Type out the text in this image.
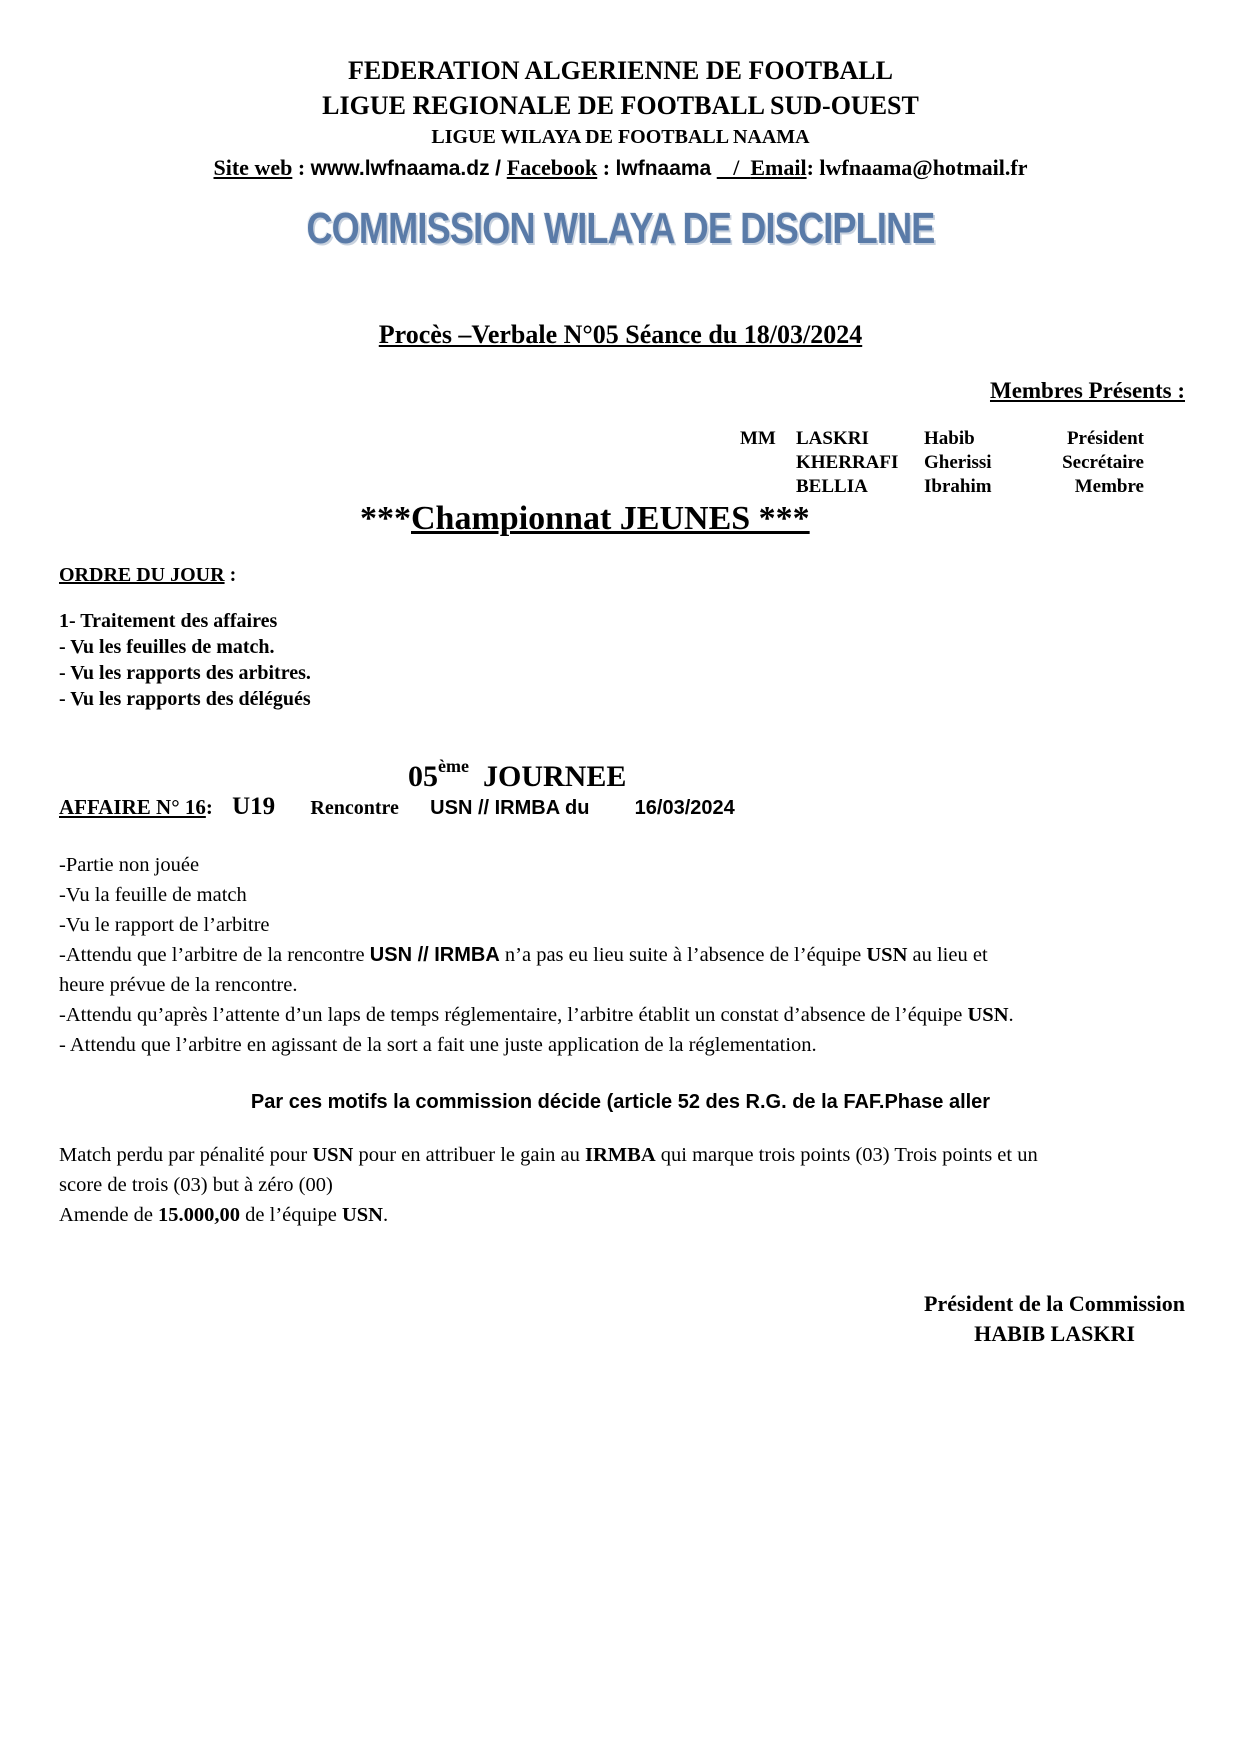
FEDERATION ALGERIENNE DE FOOTBALL
LIGUE REGIONALE DE FOOTBALL SUD-OUEST
LIGUE WILAYA DE FOOTBALL NAAMA
Site web : www.lwfnaama.dz / Facebook : lwfnaama    /  Email: lwfnaama@hotmail.fr
COMMISSION WILAYA DE DISCIPLINE
Procès –Verbale N°05 Séance du 18/03/2024
Membres Présents :
MM	LASKRI	Habib	Président
	KHERRAFI	Gherissi	Secrétaire
	BELLIA	Ibrahim	Membre
***Championnat JEUNES ***
ORDRE DU JOUR :
1- Traitement des affaires
- Vu les feuilles de match.
- Vu les rapports des arbitres.
- Vu les rapports des délégués
05ème JOURNEE
AFFAIRE N° 16: U19 Rencontre USN // IRMBA du 16/03/2024
-Partie non jouée
-Vu la feuille de match
-Vu le rapport de l’arbitre
-Attendu que l’arbitre de la rencontre USN // IRMBA n’a pas eu lieu suite à l’absence de l’équipe USN au lieu et
heure prévue de la rencontre.
-Attendu qu’après l’attente d’un laps de temps réglementaire, l’arbitre établit un constat d’absence de l’équipe USN.
- Attendu que l’arbitre en agissant de la sort a fait une juste application de la réglementation.
Par ces motifs la commission décide (article 52 des R.G. de la FAF.Phase aller
Match perdu par pénalité pour USN pour en attribuer le gain au IRMBA qui marque trois points (03) Trois points et un
score de trois (03) but à zéro (00)
Amende de 15.000,00 de l’équipe USN.
Président de la Commission
HABIB LASKRI
